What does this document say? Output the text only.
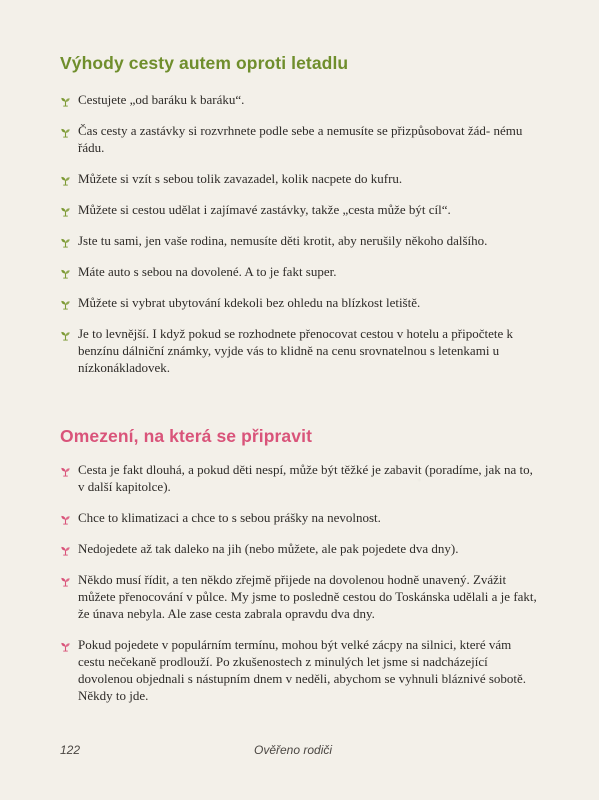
Výhody cesty autem oproti letadlu
Cestujete „od baráku k baráku“.
Čas cesty a zastávky si rozvrhnete podle sebe a nemusíte se přizpůsobovat žád- nému řádu.
Můžete si vzít s sebou tolik zavazadel, kolik nacpete do kufru.
Můžete si cestou udělat i zajímavé zastávky, takže „cesta může být cíl“.
Jste tu sami, jen vaše rodina, nemusíte děti krotit, aby nerušily někoho dalšího.
Máte auto s sebou na dovolené. A to je fakt super.
Můžete si vybrat ubytování kdekoli bez ohledu na blízkost letiště.
Je to levnější. I když pokud se rozhodnete přenocovat cestou v hotelu a připočtete k benzínu dálniční známky, vyjde vás to klidně na cenu srovnatelnou s letenkami u nízkonákladovek.
Omezení, na která se připravit
Cesta je fakt dlouhá, a pokud děti nespí, může být těžké je zabavit (poradíme, jak na to, v další kapitolce).
Chce to klimatizaci a chce to s sebou prášky na nevolnost.
Nedojedete až tak daleko na jih (nebo můžete, ale pak pojedete dva dny).
Někdo musí řídit, a ten někdo zřejmě přijede na dovolenou hodně unavený. Zvážit můžete přenocování v půlce. My jsme to posledně cestou do Toskánska udělali a je fakt, že únava nebyla. Ale zase cesta zabrala opravdu dva dny.
Pokud pojedete v populárním termínu, mohou být velké zácpy na silnici, které vám cestu nečekaně prodlouží. Po zkušenostech z minulých let jsme si nadcházející dovolenou objednali s nástupním dnem v neděli, abychom se vyhnuli bláznivé sobotě. Někdy to jde.
122	Ověřeno rodiči
